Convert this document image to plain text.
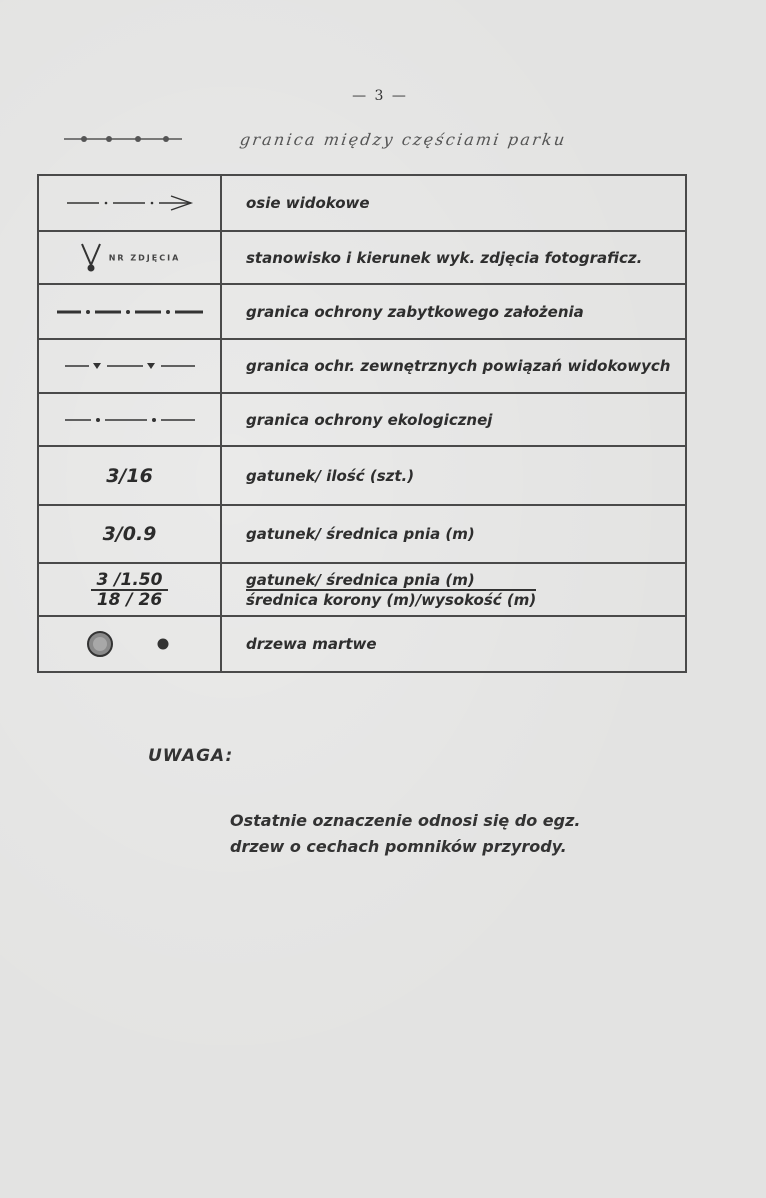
— 3 —
granica między częściami parku
	osie widokowe
NR ZDJĘCIA	stanowisko i kierunek wyk. zdjęcia fotograficz.

	granica ochrony zabytkowego założenia

	granica ochr. zewnętrznych powiązań widokowych

	granica ochrony ekologicznej
3/16	gatunek/ ilość (szt.)
3/0.9	gatunek/ średnica pnia (m)

$\frac{3 /1.50}{18 / 26}$	gatunek/ średnica pnia (m)
średnica korony (m)/wysokość (m)

	drzewa martwe
UWAGA:
Ostatnie oznaczenie odnosi się do egz.
drzew o cechach pomników przyrody.
